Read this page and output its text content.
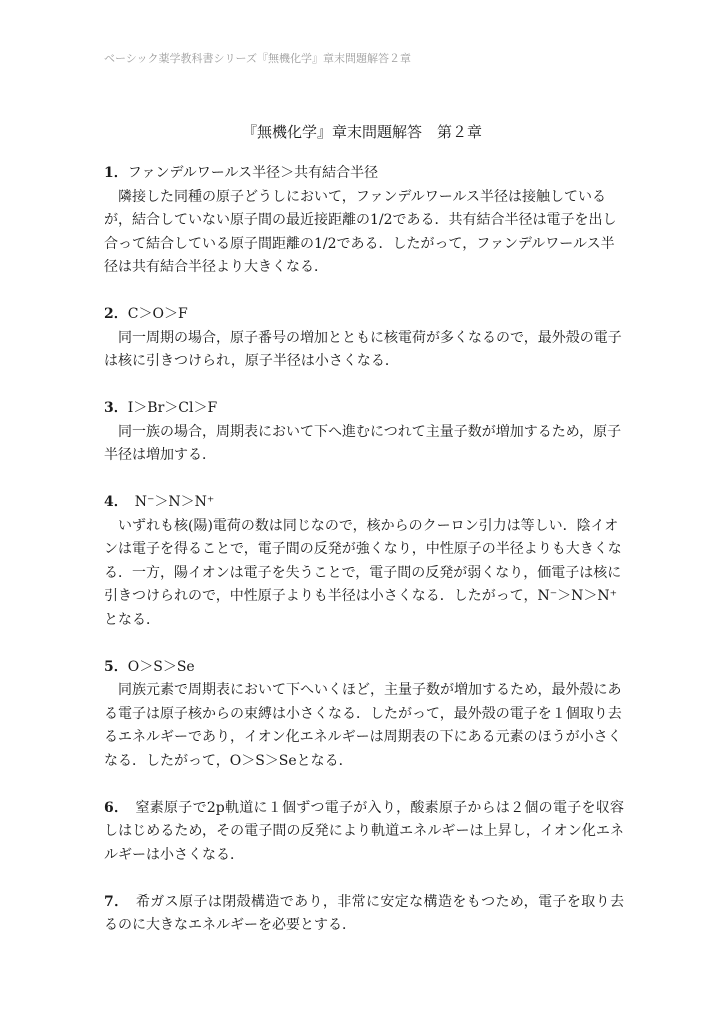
ベーシック薬学教科書シリーズ『無機化学』章末問題解答２章
『無機化学』章末問題解答　第２章
1．ファンデルワールス半径＞共有結合半径
隣接した同種の原子どうしにおいて，ファンデルワールス半径は接触しているが，結合していない原子間の最近接距離の1/2である．共有結合半径は電子を出し合って結合している原子間距離の1/2である．したがって，ファンデルワールス半径は共有結合半径より大きくなる．
2．C＞O＞F
同一周期の場合，原子番号の増加とともに核電荷が多くなるので，最外殻の電子は核に引きつけられ，原子半径は小さくなる．
3．I＞Br＞Cl＞F
同一族の場合，周期表において下へ進むにつれて主量子数が増加するため，原子半径は増加する．
4．　N⁻＞N＞N⁺
いずれも核(陽)電荷の数は同じなので，核からのクーロン引力は等しい．陰イオンは電子を得ることで，電子間の反発が強くなり，中性原子の半径よりも大きくなる．一方，陽イオンは電子を失うことで，電子間の反発が弱くなり，価電子は核に引きつけられので，中性原子よりも半径は小さくなる．したがって，N⁻＞N＞N⁺となる．
5．O＞S＞Se
同族元素で周期表において下へいくほど，主量子数が増加するため，最外殻にある電子は原子核からの束縛は小さくなる．したがって，最外殻の電子を１個取り去るエネルギーであり，イオン化エネルギーは周期表の下にある元素のほうが小さくなる．したがって，O＞S＞Seとなる．
6．　窒素原子で2p軌道に１個ずつ電子が入り，酸素原子からは２個の電子を収容しはじめるため，その電子間の反発により軌道エネルギーは上昇し，イオン化エネルギーは小さくなる．
7．　希ガス原子は閉殻構造であり，非常に安定な構造をもつため，電子を取り去るのに大きなエネルギーを必要とする．
